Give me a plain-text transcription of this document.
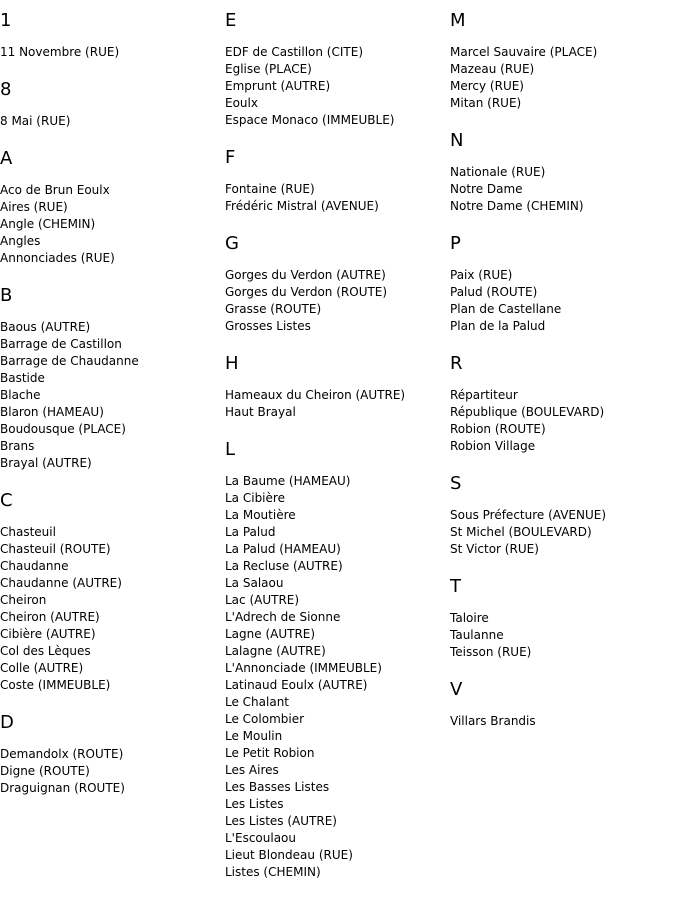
1
11 Novembre (RUE)
8
8 Mai (RUE)
A
Aco de Brun Eoulx
Aires (RUE)
Angle (CHEMIN)
Angles
Annonciades (RUE)
B
Baous (AUTRE)
Barrage de Castillon
Barrage de Chaudanne
Bastide
Blache
Blaron (HAMEAU)
Boudousque (PLACE)
Brans
Brayal (AUTRE)
C
Chasteuil
Chasteuil (ROUTE)
Chaudanne
Chaudanne (AUTRE)
Cheiron
Cheiron (AUTRE)
Cibière (AUTRE)
Col des Lèques
Colle (AUTRE)
Coste (IMMEUBLE)
D
Demandolx (ROUTE)
Digne (ROUTE)
Draguignan (ROUTE)
E
EDF de Castillon (CITE)
Eglise (PLACE)
Emprunt (AUTRE)
Eoulx
Espace Monaco (IMMEUBLE)
F
Fontaine (RUE)
Frédéric Mistral (AVENUE)
G
Gorges du Verdon (AUTRE)
Gorges du Verdon (ROUTE)
Grasse (ROUTE)
Grosses Listes
H
Hameaux du Cheiron (AUTRE)
Haut Brayal
L
La Baume (HAMEAU)
La Cibière
La Moutière
La Palud
La Palud (HAMEAU)
La Recluse (AUTRE)
La Salaou
Lac (AUTRE)
L'Adrech de Sionne
Lagne (AUTRE)
Lalagne (AUTRE)
L'Annonciade (IMMEUBLE)
Latinaud Eoulx (AUTRE)
Le Chalant
Le Colombier
Le Moulin
Le Petit Robion
Les Aires
Les Basses Listes
Les Listes
Les Listes (AUTRE)
L'Escoulaou
Lieut Blondeau (RUE)
Listes (CHEMIN)
M
Marcel Sauvaire (PLACE)
Mazeau (RUE)
Mercy (RUE)
Mitan (RUE)
N
Nationale (RUE)
Notre Dame
Notre Dame (CHEMIN)
P
Paix (RUE)
Palud (ROUTE)
Plan de Castellane
Plan de la Palud
R
Répartiteur
République (BOULEVARD)
Robion (ROUTE)
Robion Village
S
Sous Préfecture (AVENUE)
St Michel (BOULEVARD)
St Victor (RUE)
T
Taloire
Taulanne
Teisson (RUE)
V
Villars Brandis
